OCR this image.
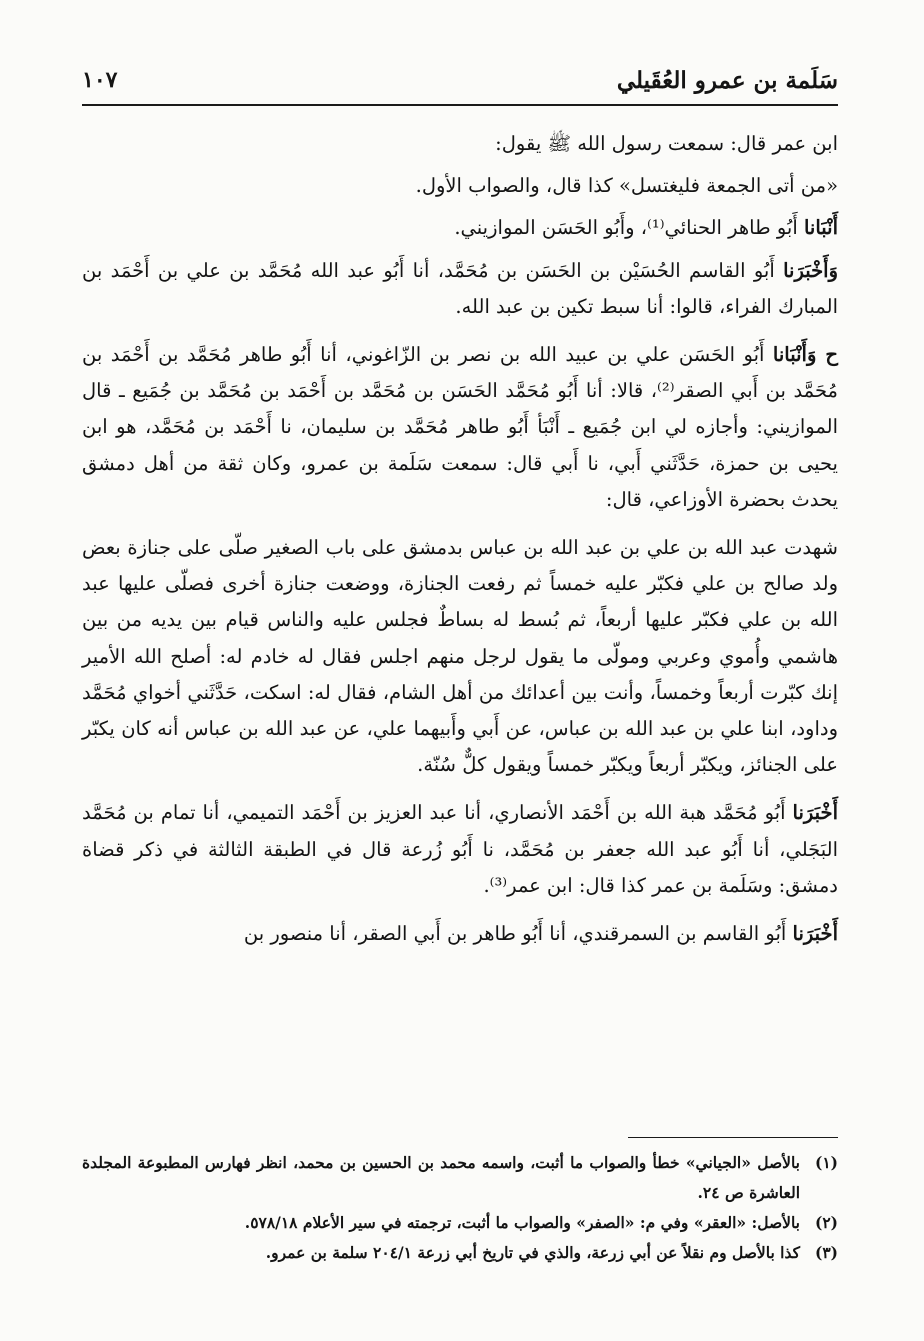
سَلَمة بن عمرو العُقَيلي
١٠٧

ابن عمر قال: سمعت رسول الله ﷺ يقول:

«من أتى الجمعة فليغتسل» كذا قال، والصواب الأول.

أَنْبَانا أَبُو طاهر الحنائي⁽¹⁾، وأَبُو الحَسَن الموازيني.

وَأَخْبَرَنا أَبُو القاسم الحُسَيْن بن الحَسَن بن مُحَمَّد، أنا أَبُو عبد الله مُحَمَّد بن علي بن أَحْمَد بن المبارك الفراء، قالوا: أنا سبط تكين بن عبد الله.

ح وَأَنْبَانا أَبُو الحَسَن علي بن عبيد الله بن نصر بن الزّاغوني، أنا أَبُو طاهر مُحَمَّد بن أَحْمَد بن مُحَمَّد بن أَبي الصقر⁽²⁾، قالا: أنا أَبُو مُحَمَّد الحَسَن بن مُحَمَّد بن أَحْمَد بن مُحَمَّد بن جُمَيع ـ قال الموازيني: وأجازه لي ابن جُمَيع ـ أَنْبَأ أَبُو طاهر مُحَمَّد بن سليمان، نا أَحْمَد بن مُحَمَّد، هو ابن يحيى بن حمزة، حَدَّثَني أَبي، نا أَبي قال: سمعت سَلَمة بن عمرو، وكان ثقة من أهل دمشق يحدث بحضرة الأوزاعي، قال:

شهدت عبد الله بن علي بن عبد الله بن عباس بدمشق على باب الصغير صلّى على جنازة بعض ولد صالح بن علي فكبّر عليه خمساً ثم رفعت الجنازة، ووضعت جنازة أخرى فصلّى عليها عبد الله بن علي فكبّر عليها أربعاً، ثم بُسط له بساطٌ فجلس عليه والناس قيام بين يديه من بين هاشمي وأُموي وعربي ومولّى ما يقول لرجل منهم اجلس فقال له خادم له: أصلح الله الأمير إنك كبّرت أربعاً وخمساً، وأنت بين أعدائك من أهل الشام، فقال له: اسكت، حَدَّثَني أخواي مُحَمَّد وداود، ابنا علي بن عبد الله بن عباس، عن أَبي وأَبيهما علي، عن عبد الله بن عباس أنه كان يكبّر على الجنائز، ويكبّر أربعاً ويكبّر خمساً ويقول كلٌّ سُنّة.

أَخْبَرَنا أَبُو مُحَمَّد هبة الله بن أَحْمَد الأنصاري، أنا عبد العزيز بن أَحْمَد التميمي، أنا تمام بن مُحَمَّد البَجَلي، أنا أَبُو عبد الله جعفر بن مُحَمَّد، نا أَبُو زُرعة قال في الطبقة الثالثة في ذكر قضاة دمشق: وسَلَمة بن عمر كذا قال: ابن عمر⁽³⁾.

أَخْبَرَنا أَبُو القاسم بن السمرقندي، أنا أَبُو طاهر بن أَبي الصقر، أنا منصور بن

(١)
بالأصل «الجياني» خطأ والصواب ما أثبت، واسمه محمد بن الحسين بن محمد، انظر فهارس المطبوعة المجلدة العاشرة ص ٢٤.
(٢)
بالأصل: «العقر» وفي م: «الصفر» والصواب ما أثبت، ترجمته في سير الأعلام ٥٧٨/١٨.
(٣)
كذا بالأصل وم نقلاً عن أبي زرعة، والذي في تاريخ أبي زرعة ٢٠٤/١ سلمة بن عمرو.
